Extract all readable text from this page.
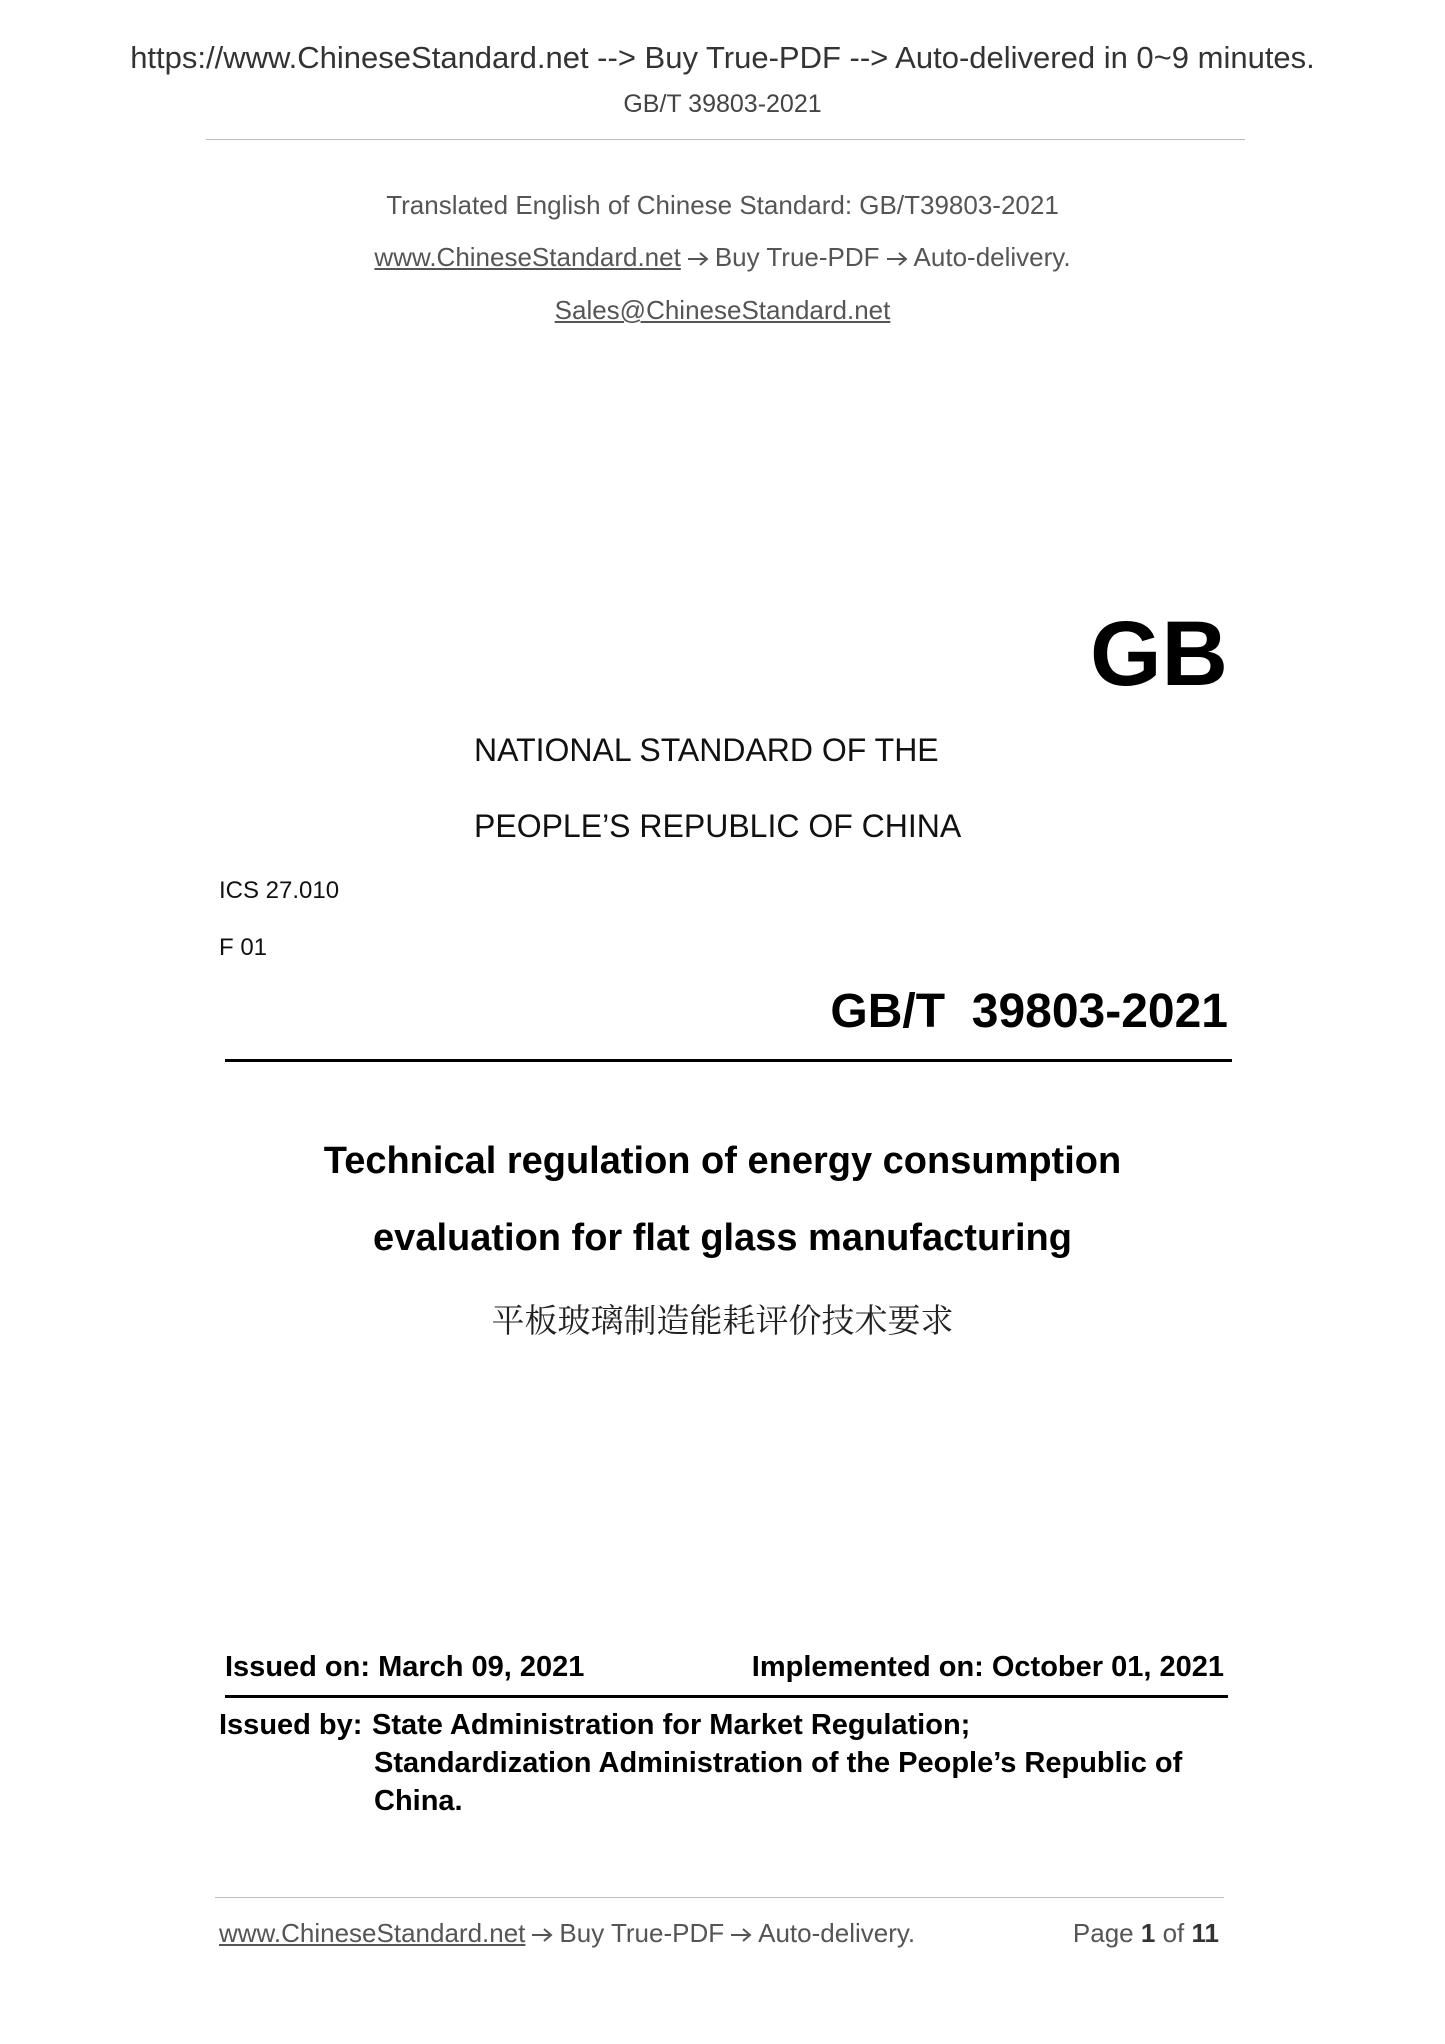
https://www.ChineseStandard.net --> Buy True-PDF --> Auto-delivered in 0~9 minutes.
GB/T 39803-2021
Translated English of Chinese Standard: GB/T39803-2021
www.ChineseStandard.net Buy True-PDF Auto-delivery.
Sales@ChineseStandard.net
GB
NATIONAL STANDARD OF THE
PEOPLE’S REPUBLIC OF CHINA
ICS 27.010
F 01
GB/T  39803-2021
Technical regulation of energy consumption
evaluation for flat glass manufacturing
平板玻璃制造能耗评价技术要求
Issued on: March 09, 2021	Implemented on: October 01, 2021
Issued by: State Administration for Market Regulation;
Standardization Administration of the People’s Republic of
China.
www.ChineseStandard.net Buy True-PDF Auto-delivery.	Page 1 of 11
